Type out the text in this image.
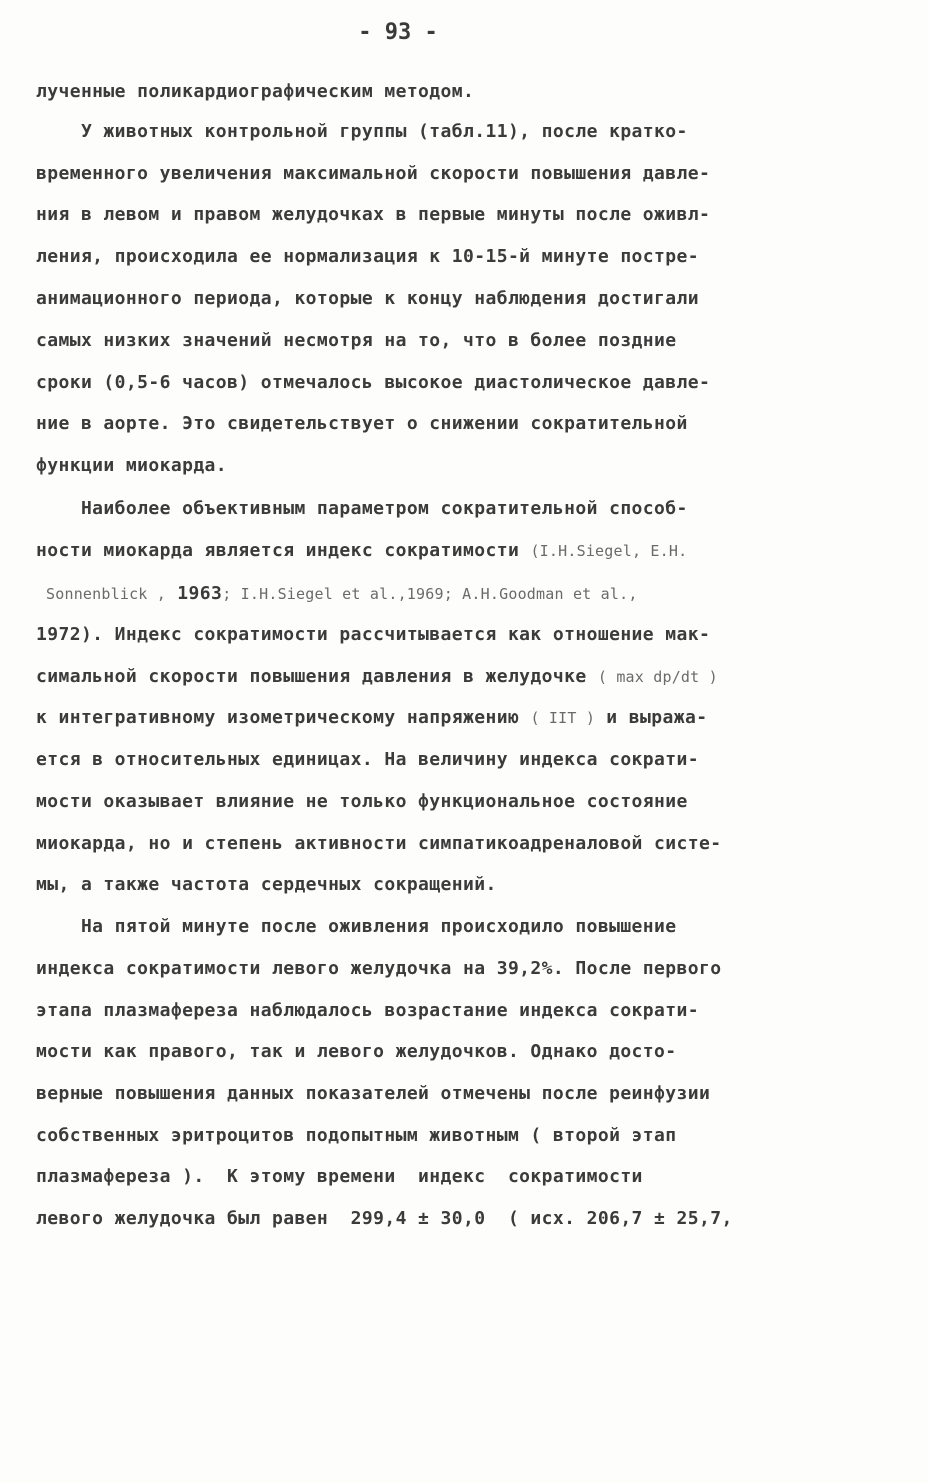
- 93 -
лученные поликардиографическим методом.
У животных контрольной группы (табл.11), после кратко-
временного увеличения максимальной скорости повышения давле-
ния в левом и правом желудочках в первые минуты после оживл-
ления, происходила ее нормализация к 10-15-й минуте постре-
анимационного периода, которые к концу наблюдения достигали
самых низких значений несмотря на то, что в более поздние
сроки (0,5-6 часов) отмечалось высокое диастолическое давле-
ние в аорте. Это свидетельствует о снижении сократительной
функции миокарда.
Наиболее объективным параметром сократительной способ-
ности миокарда является индекс сократимости (I.H.Siegel, E.H.
Sonnenblick , 1963; I.H.Siegel et al.,1969; A.H.Goodman et al.,
1972). Индекс сократимости рассчитывается как отношение мак-
симальной скорости повышения давления в желудочке ( max dp/dt )
к интегративному изометрическому напряжению ( IIT ) и выража-
ется в относительных единицах. На величину индекса сократи-
мости оказывает влияние не только функциональное состояние
миокарда, но и степень активности симпатикоадреналовой систе-
мы, а также частота сердечных сокращений.
На пятой минуте после оживления происходило повышение
индекса сократимости левого желудочка на 39,2%. После первого
этапа плазмафереза наблюдалось возрастание индекса сократи-
мости как правого, так и левого желудочков. Однако досто-
верные повышения данных показателей отмечены после реинфузии
собственных эритроцитов подопытным животным ( второй этап
плазмафереза ).  К этому времени  индекс  сократимости
левого желудочка был равен  299,4 ± 30,0  ( исх. 206,7 ± 25,7,
